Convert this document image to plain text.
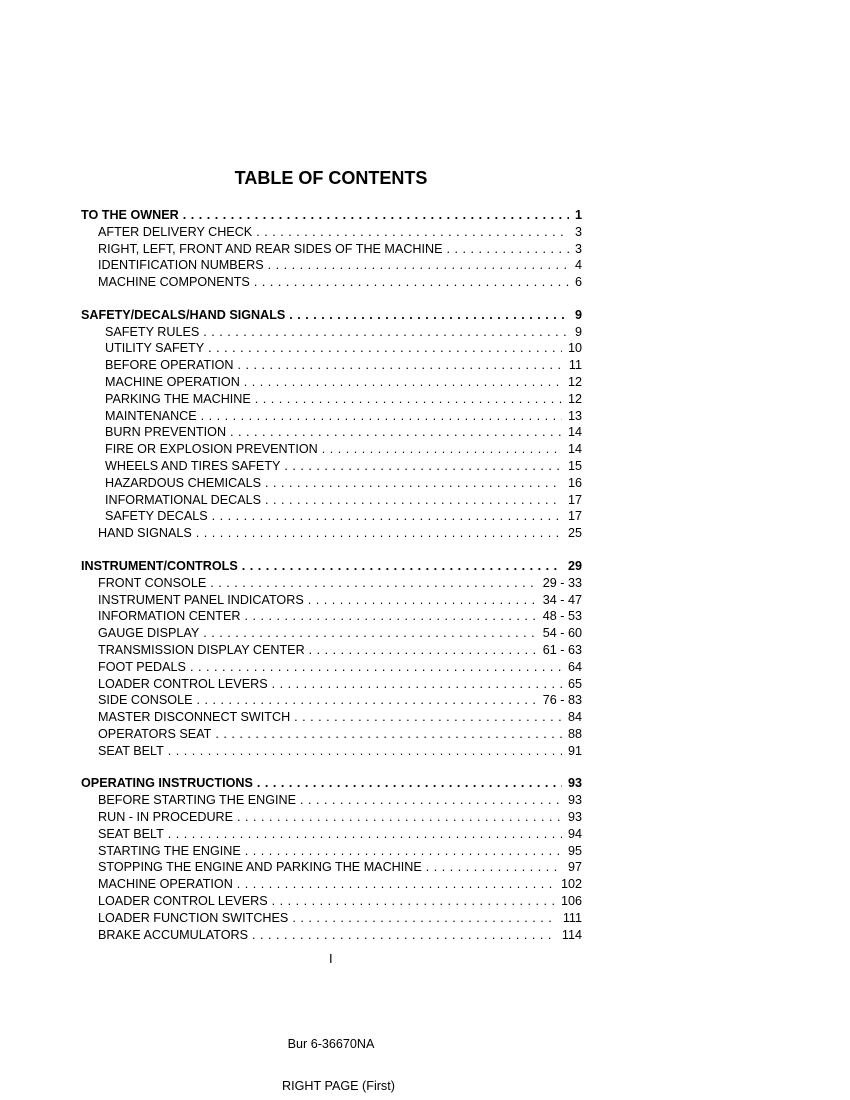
TABLE OF CONTENTS
TO THE OWNER . . .	1
AFTER DELIVERY CHECK . . .	3
RIGHT, LEFT, FRONT AND REAR SIDES OF THE MACHINE . . .	3
IDENTIFICATION NUMBERS . . .	4
MACHINE COMPONENTS . . .	6
SAFETY/DECALS/HAND SIGNALS . . .	9
SAFETY RULES . . .	9
UTILITY SAFETY . . .	10
BEFORE OPERATION . . .	11
MACHINE OPERATION . . .	12
PARKING THE MACHINE . . .	12
MAINTENANCE . . .	13
BURN PREVENTION . . .	14
FIRE OR EXPLOSION PREVENTION . . .	14
WHEELS AND TIRES SAFETY . . .	15
HAZARDOUS CHEMICALS . . .	16
INFORMATIONAL DECALS . . .	17
SAFETY DECALS . . .	17
HAND SIGNALS . . .	25
INSTRUMENT/CONTROLS . . .	29
FRONT CONSOLE . . .	29 - 33
INSTRUMENT PANEL INDICATORS . . .	34 - 47
INFORMATION CENTER . . .	48 - 53
GAUGE DISPLAY . . .	54 - 60
TRANSMISSION DISPLAY CENTER . . .	61 - 63
FOOT PEDALS . . .	64
LOADER CONTROL LEVERS . . .	65
SIDE CONSOLE . . .	76 - 83
MASTER DISCONNECT SWITCH . . .	84
OPERATORS SEAT . . .	88
SEAT BELT . . .	91
OPERATING INSTRUCTIONS . . .	93
BEFORE STARTING THE ENGINE . . .	93
RUN - IN PROCEDURE . . .	93
SEAT BELT . . .	94
STARTING THE ENGINE . . .	95
STOPPING THE ENGINE AND PARKING THE MACHINE . . .	97
MACHINE OPERATION . . .	102
LOADER CONTROL LEVERS . . .	106
LOADER FUNCTION SWITCHES . . .	111
BRAKE ACCUMULATORS . . .	114
I
Bur 6-36670NA
RIGHT PAGE (First)
